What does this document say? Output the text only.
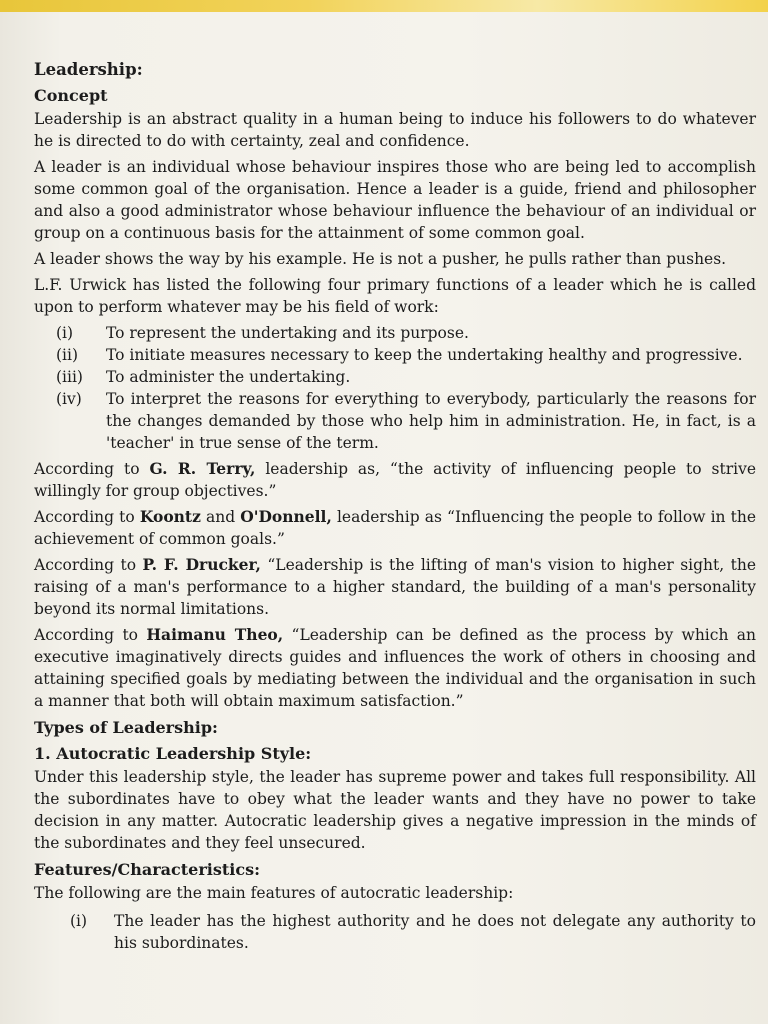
Leadership:
Concept

Leadership is an abstract quality in a human being to induce his followers to do whatever he is directed to do with certainty, zeal and confidence.

A leader is an individual whose behaviour inspires those who are being led to accomplish some common goal of the organisation. Hence a leader is a guide, friend and philosopher and also a good administrator whose behaviour influence the behaviour of an individual or group on a continuous basis for the attainment of some common goal.

A leader shows the way by his example. He is not a pusher, he pulls rather than pushes.

L.F. Urwick has listed the following four primary functions of a leader which he is called upon to perform whatever may be his field of work:

(i)	To represent the undertaking and its purpose.
(ii)	To initiate measures necessary to keep the undertaking healthy and progressive.
(iii)	To administer the undertaking.
(iv)	To interpret the reasons for everything to everybody, particularly the reasons for the changes demanded by those who help him in administration. He, in fact, is a 'teacher' in true sense of the term.

According to G. R. Terry, leadership as, “the activity of influencing people to strive willingly for group objectives.”

According to Koontz and O'Donnell, leadership as “Influencing the people to follow in the achievement of common goals.”

According to P. F. Drucker, “Leadership is the lifting of man's vision to higher sight, the raising of a man's performance to a higher standard, the building of a man's personality beyond its normal limitations.

According to Haimanu Theo, “Leadership can be defined as the process by which an executive imaginatively directs guides and influences the work of others in choosing and attaining specified goals by mediating between the individual and the organisation in such a manner that both will obtain maximum satisfaction.”

Types of Leadership:
1. Autocratic Leadership Style:

Under this leadership style, the leader has supreme power and takes full responsibility. All the subordinates have to obey what the leader wants and they have no power to take decision in any matter. Autocratic leadership gives a negative impression in the minds of the subordinates and they feel unsecured.

Features/Characteristics:

The following are the main features of autocratic leadership:

(i)	The leader has the highest authority and he does not delegate any authority to his subordinates.
